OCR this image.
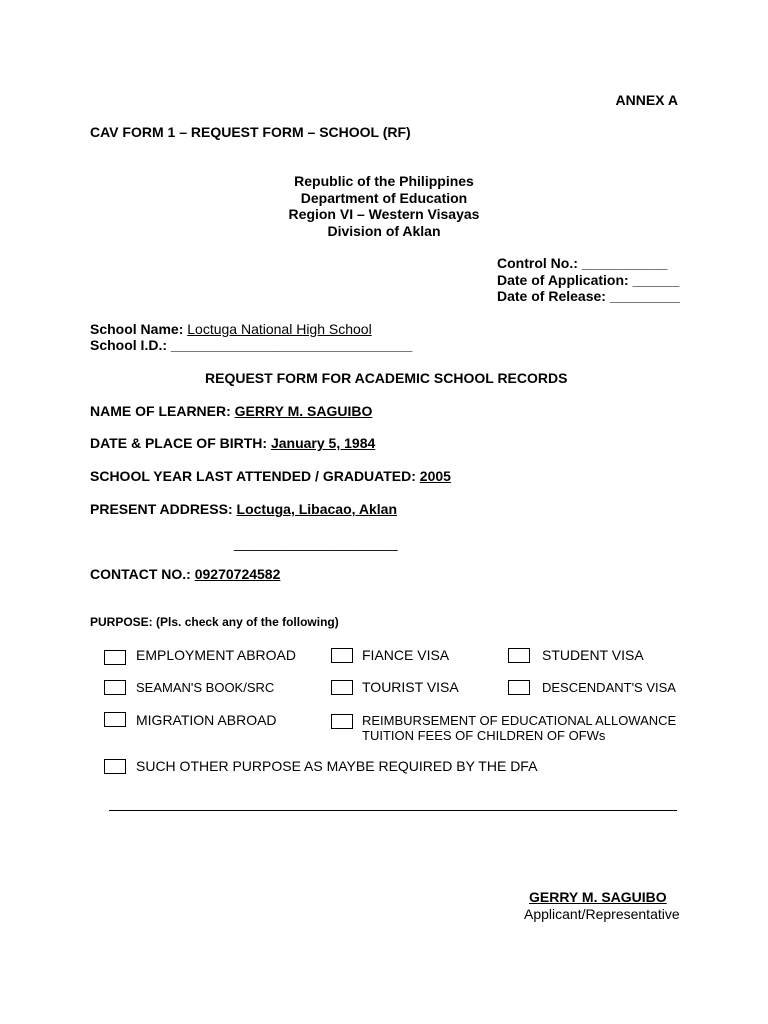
ANNEX A
CAV FORM 1 – REQUEST FORM – SCHOOL (RF)
Republic of the Philippines
Department of Education
Region VI – Western Visayas
Division of Aklan
Control No.: ___________
Date of Application: ______
Date of Release: _________
School Name: Loctuga National High School
School I.D.: _______________________________
REQUEST FORM FOR ACADEMIC SCHOOL RECORDS
NAME OF LEARNER: GERRY M. SAGUIBO
DATE & PLACE OF BIRTH: January 5, 1984
SCHOOL YEAR LAST ATTENDED / GRADUATED: 2005
PRESENT ADDRESS: Loctuga, Libacao, Aklan
_____________________
CONTACT NO.: 09270724582
PURPOSE: (Pls. check any of the following)
EMPLOYMENT ABROAD	FIANCE VISA	STUDENT VISA
SEAMAN'S BOOK/SRC	TOURIST VISA	DESCENDANT'S VISA
MIGRATION ABROAD	REIMBURSEMENT OF EDUCATIONAL ALLOWANCE
TUITION FEES OF CHILDREN OF OFWs
SUCH OTHER PURPOSE AS MAYBE REQUIRED BY THE DFA
GERRY M. SAGUIBO
Applicant/Representative
